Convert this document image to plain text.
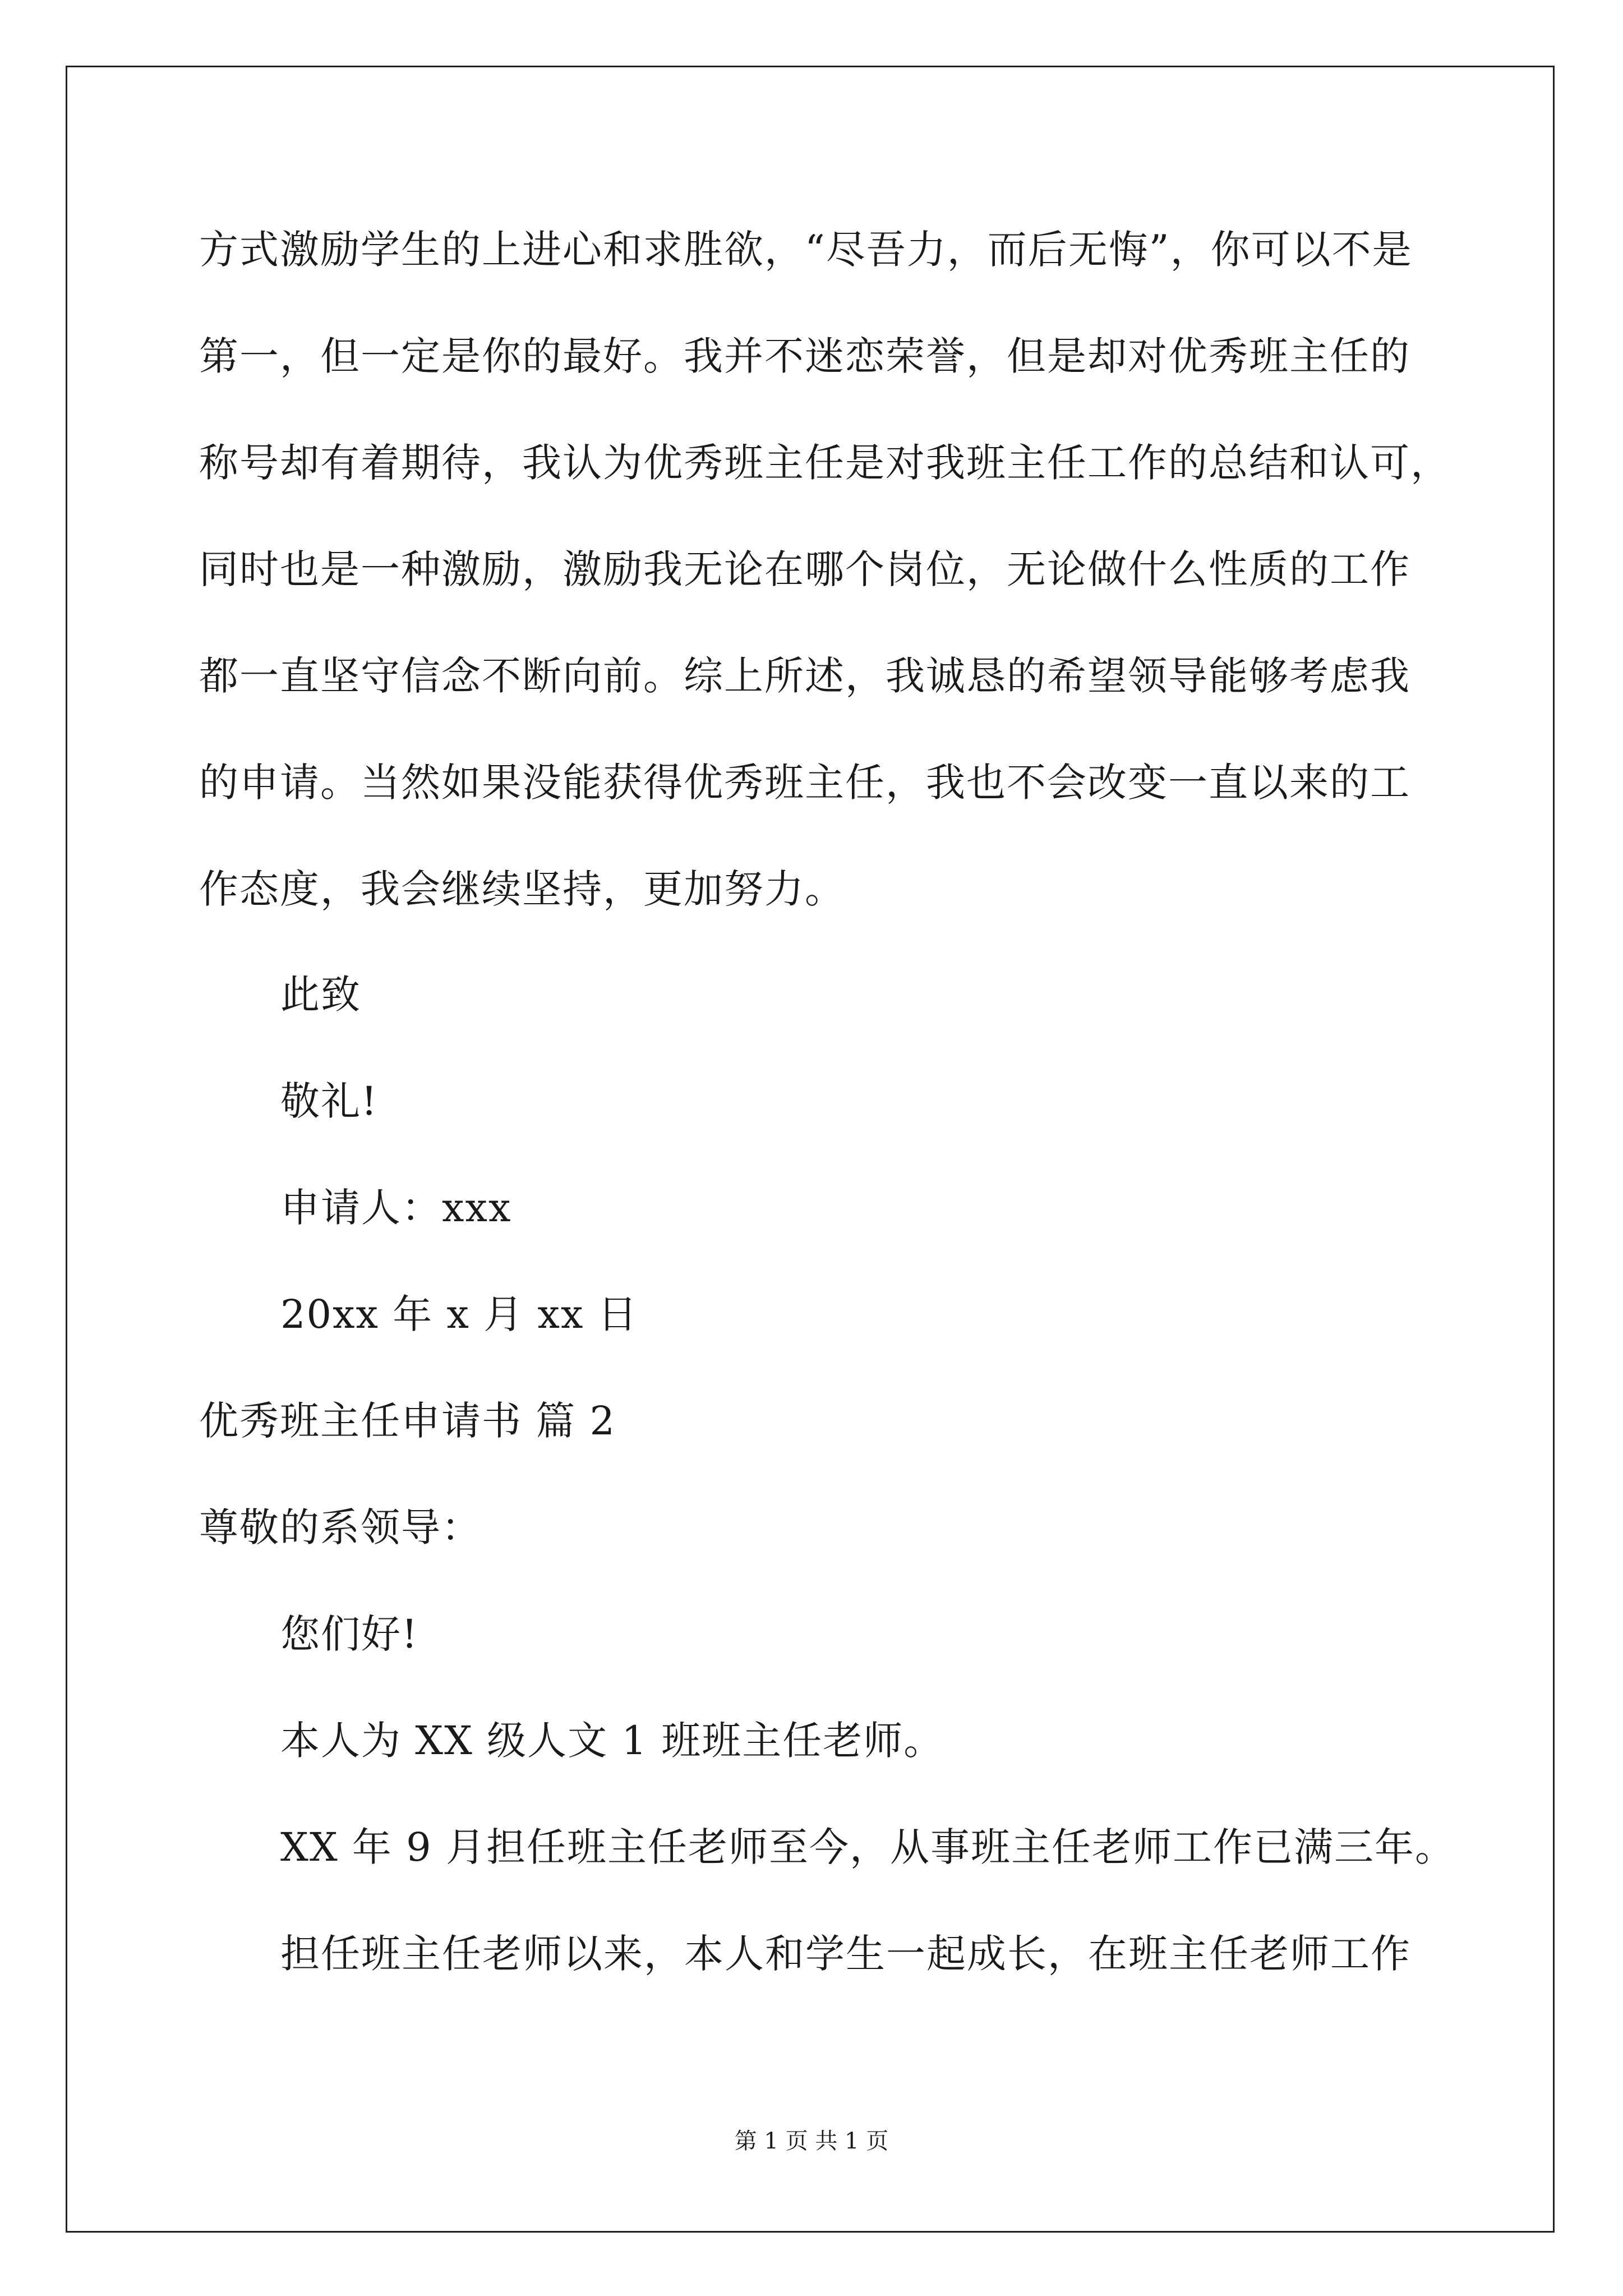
方式激励学生的上进心和求胜欲，“尽吾力，而后无悔”，你可以不是
第一，但一定是你的最好。我并不迷恋荣誉，但是却对优秀班主任的
称号却有着期待，我认为优秀班主任是对我班主任工作的总结和认可，
同时也是一种激励，激励我无论在哪个岗位，无论做什么性质的工作
都一直坚守信念不断向前。综上所述，我诚恳的希望领导能够考虑我
的申请。当然如果没能获得优秀班主任，我也不会改变一直以来的工
作态度，我会继续坚持，更加努力。
此致
敬礼!
申请人：xxx
20xx 年 x 月 xx 日
优秀班主任申请书 篇 2
尊敬的系领导：
您们好!
本人为 XX 级人文 1 班班主任老师。
XX 年 9 月担任班主任老师至今，从事班主任老师工作已满三年。
担任班主任老师以来，本人和学生一起成长，在班主任老师工作
第 1 页 共 1 页
